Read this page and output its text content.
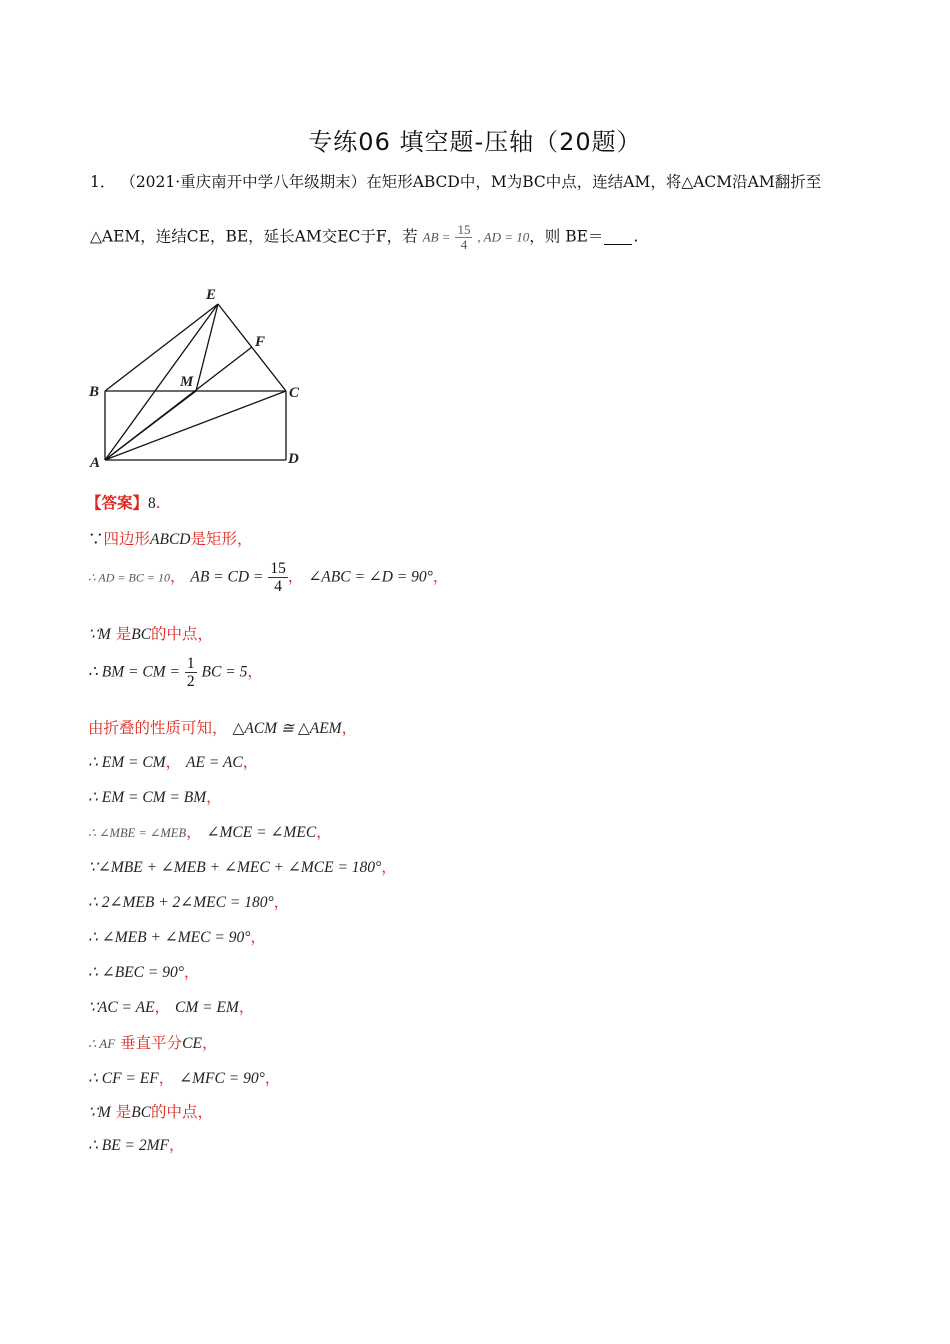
专练06 填空题-压轴（20题）
1． （2021·重庆南开中学八年级期末）在矩形ABCD中，M为BC中点，连结AM，将△ACM沿AM翻折至
△AEM，连结CE，BE，延长AM交EC于F，若 AB = $\frac{15}{4}$ , AD = 10，则 BE＝ .
E
F
B
M
C
A	D
【答案】8.
∵四边形ABCD是矩形，
∴ AD = BC = 10， AB = CD = $\frac{15}{4}$ ， ∠ABC = ∠D = 90°，
∵M 是BC的中点，
∴ BM = CM = $\frac{1}{2}$ BC = 5，
由折叠的性质可知， △ACM ≅ △AEM，
∴ EM = CM， AE = AC，
∴ EM = CM = BM，
∴ ∠MBE = ∠MEB， ∠MCE = ∠MEC，
∵∠MBE + ∠MEB + ∠MEC + ∠MCE = 180°，
∴ 2∠MEB + 2∠MEC = 180°，
∴ ∠MEB + ∠MEC = 90°，
∴ ∠BEC = 90°，
∵AC = AE， CM = EM，
∴ AF 垂直平分CE，
∴ CF = EF， ∠MFC = 90°，
∵M 是BC的中点，
∴ BE = 2MF，
